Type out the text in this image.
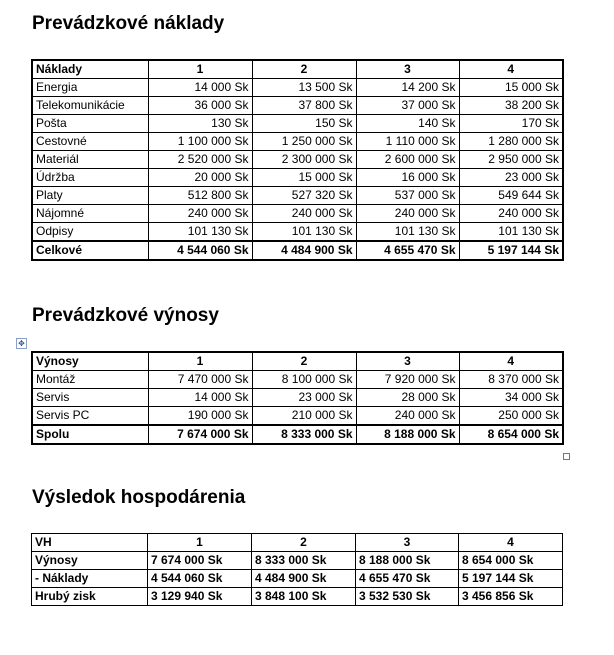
Prevádzkové náklady
Náklady	1	2	3	4
Energia	14 000 Sk	13 500 Sk	14 200 Sk	15 000 Sk
Telekomunikácie	36 000 Sk	37 800 Sk	37 000 Sk	38 200 Sk
Pošta	130 Sk	150 Sk	140 Sk	170 Sk
Cestovné	1 100 000 Sk	1 250 000 Sk	1 110 000 Sk	1 280 000 Sk
Materiál	2 520 000 Sk	2 300 000 Sk	2 600 000 Sk	2 950 000 Sk
Údržba	20 000 Sk	15 000 Sk	16 000 Sk	23 000 Sk
Platy	512 800 Sk	527 320 Sk	537 000 Sk	549 644 Sk
Nájomné	240 000 Sk	240 000 Sk	240 000 Sk	240 000 Sk
Odpisy	101 130 Sk	101 130 Sk	101 130 Sk	101 130 Sk
Celkové	4 544 060 Sk	4 484 900 Sk	4 655 470 Sk	5 197 144 Sk
Prevádzkové výnosy
✥
Výnosy	1	2	3	4
Montáž	7 470 000 Sk	8 100 000 Sk	7 920 000 Sk	8 370 000 Sk
Servis	14 000 Sk	23 000 Sk	28 000 Sk	34 000 Sk
Servis PC	190 000 Sk	210 000 Sk	240 000 Sk	250 000 Sk
Spolu	7 674 000 Sk	8 333 000 Sk	8 188 000 Sk	8 654 000 Sk
Výsledok hospodárenia
VH	1	2	3	4
Výnosy	7 674 000 Sk	8 333 000 Sk	8 188 000 Sk	8 654 000 Sk
- Náklady	4 544 060 Sk	4 484 900 Sk	4 655 470 Sk	5 197 144 Sk
Hrubý zisk	3 129 940 Sk	3 848 100 Sk	3 532 530 Sk	3 456 856 Sk
